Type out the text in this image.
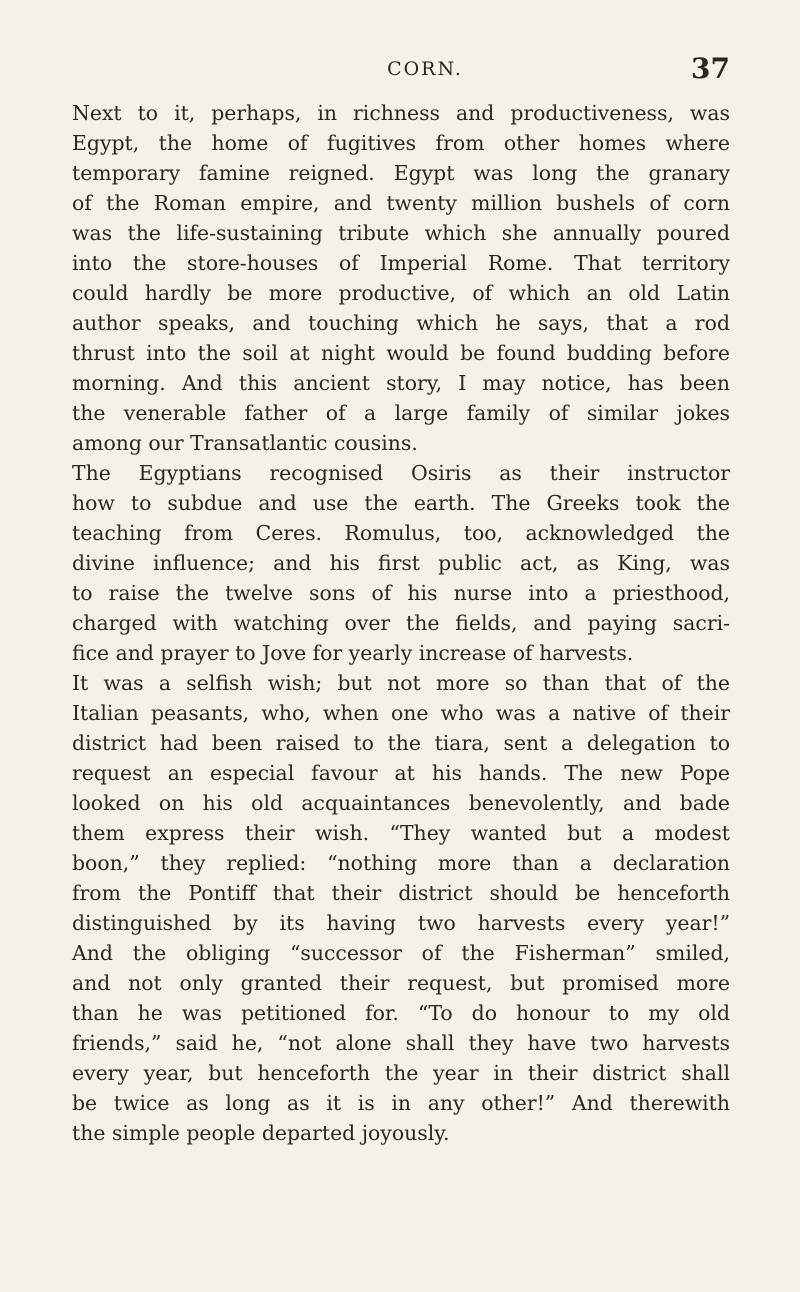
CORN.	37
Next to it, perhaps, in richness and productiveness, was
Egypt, the home of fugitives from other homes where
temporary famine reigned. Egypt was long the granary
of the Roman empire, and twenty million bushels of corn
was the life-sustaining tribute which she annually poured
into the store-houses of Imperial Rome. That territory
could hardly be more productive, of which an old Latin
author speaks, and touching which he says, that a rod
thrust into the soil at night would be found budding before
morning. And this ancient story, I may notice, has been
the venerable father of a large family of similar jokes
among our Transatlantic cousins.
The Egyptians recognised Osiris as their instructor
how to subdue and use the earth. The Greeks took the
teaching from Ceres. Romulus, too, acknowledged the
divine influence; and his first public act, as King, was
to raise the twelve sons of his nurse into a priesthood,
charged with watching over the fields, and paying sacri-
fice and prayer to Jove for yearly increase of harvests.
It was a selfish wish; but not more so than that of the
Italian peasants, who, when one who was a native of their
district had been raised to the tiara, sent a delegation to
request an especial favour at his hands. The new Pope
looked on his old acquaintances benevolently, and bade
them express their wish. “They wanted but a modest
boon,” they replied: “nothing more than a declaration
from the Pontiff that their district should be henceforth
distinguished by its having two harvests every year!”
And the obliging “successor of the Fisherman” smiled,
and not only granted their request, but promised more
than he was petitioned for. “To do honour to my old
friends,” said he, “not alone shall they have two harvests
every year, but henceforth the year in their district shall
be twice as long as it is in any other!” And therewith
the simple people departed joyously.
